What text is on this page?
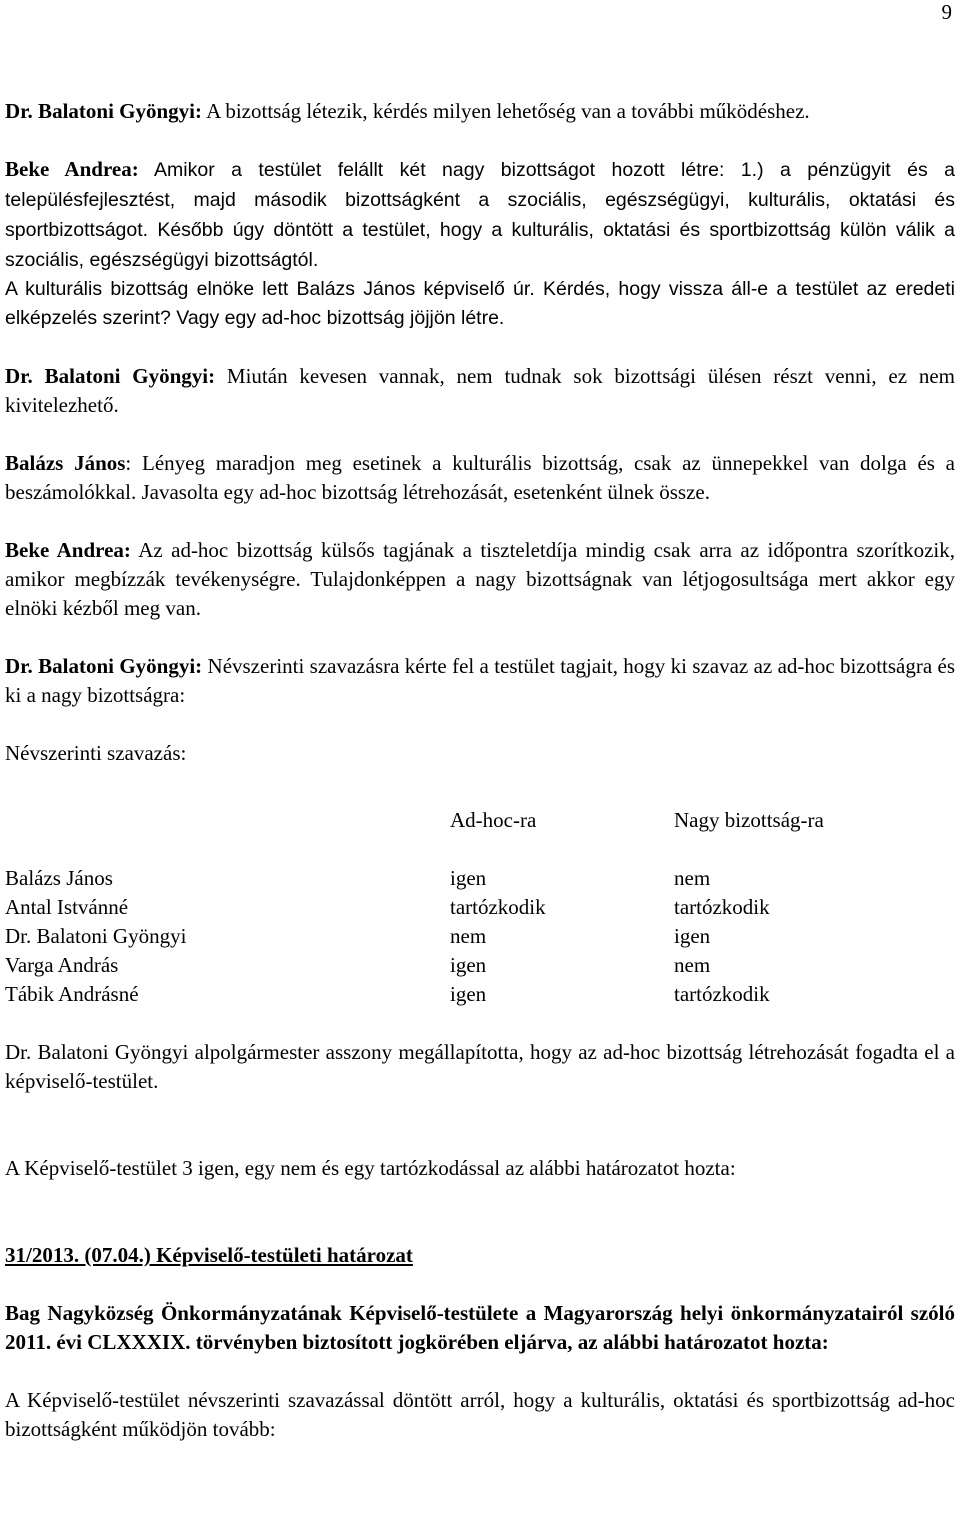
9

Dr. Balatoni Gyöngyi: A bizottság létezik, kérdés milyen lehetőség van a további működéshez.

Beke Andrea: Amikor a testület felállt két nagy bizottságot hozott létre: 1.) a pénzügyit és a településfejlesztést, majd második bizottságként a szociális, egészségügyi, kulturális, oktatási és sportbizottságot. Később úgy döntött a testület, hogy a kulturális, oktatási és sportbizottság külön válik a szociális, egészségügyi bizottságtól.

A kulturális bizottság elnöke lett Balázs János képviselő úr. Kérdés, hogy vissza áll-e a testület az eredeti elképzelés szerint? Vagy egy ad-hoc bizottság jöjjön létre.

Dr. Balatoni Gyöngyi: Miután kevesen vannak, nem tudnak sok bizottsági ülésen részt venni, ez nem kivitelezhető.

Balázs János: Lényeg maradjon meg esetinek a kulturális bizottság, csak az ünnepekkel van dolga és a beszámolókkal. Javasolta egy ad-hoc bizottság létrehozását, esetenként ülnek össze.

Beke Andrea: Az ad-hoc bizottság külsős tagjának a tiszteletdíja mindig csak arra az időpontra szorítkozik, amikor megbízzák tevékenységre. Tulajdonképpen a nagy bizottságnak van létjogosultsága mert akkor egy elnöki kézből meg van.

Dr. Balatoni Gyöngyi: Névszerinti szavazásra kérte fel a testület tagjait, hogy ki szavaz az ad-hoc bizottságra és ki a nagy bizottságra:

Névszerinti szavazás:

	Ad-hoc-ra	Nagy bizottság-ra
Balázs János	igen	nem
Antal Istvánné	tartózkodik	tartózkodik
Dr. Balatoni Gyöngyi	nem	igen
Varga András	igen	nem
Tábik Andrásné	igen	tartózkodik

Dr. Balatoni Gyöngyi alpolgármester asszony megállapította, hogy az ad-hoc bizottság létrehozását fogadta el a képviselő-testület.

A Képviselő-testület 3 igen, egy nem és egy tartózkodással az alábbi határozatot hozta:

31/2013. (07.04.) Képviselő-testületi határozat

Bag Nagyközség Önkormányzatának Képviselő-testülete a Magyarország helyi önkormányzatairól szóló 2011. évi CLXXXIX. törvényben biztosított jogkörében eljárva, az alábbi határozatot hozta:

A Képviselő-testület névszerinti szavazással döntött arról, hogy a kulturális, oktatási és sportbizottság ad-hoc bizottságként működjön tovább:
